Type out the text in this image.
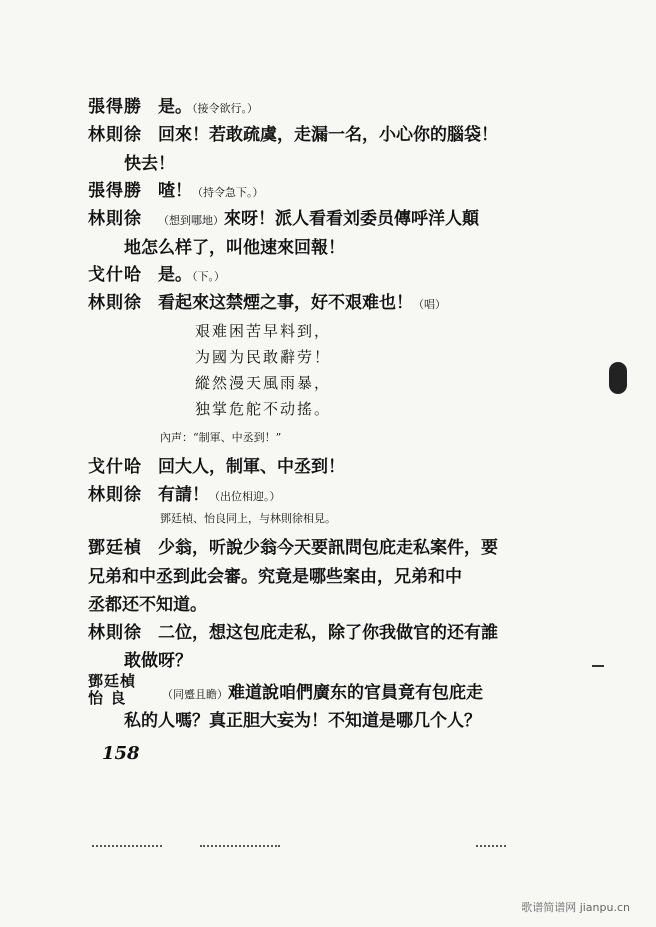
張得勝 是。（接令欲行。）
林則徐 回來！若敢疏虞，走漏一名，小心你的腦袋！
快去！
張得勝 喳！（持令急下。）
林則徐 （想到哪地）來呀！派人看看刘委员傳呼洋人顛
地怎么样了，叫他速來回報！
戈什哈 是。（下。）
林則徐 看起來这禁煙之事，好不艰难也！（唱）
艰难困苦早料到，
为國为民敢辭劳！
縱然漫天風雨暴，
独掌危舵不动搖。
內声：“制軍、中丞到！”
戈什哈 回大人，制軍、中丞到！
林則徐 有請！（出位相迎。）
鄧廷楨、怡良同上，与林則徐相見。
鄧廷楨 少翁，听說少翁今天要訊問包庇走私案件，要
兄弟和中丞到此会審。究竟是哪些案由，兄弟和中
丞都还不知道。
林則徐 二位，想这包庇走私，除了你我做官的还有誰
敢做呀？
鄧廷楨
怡 良	（同蹙且瞻）难道說咱們廣东的官員竟有包庇走
私的人嗎？真正胆大妄为！不知道是哪几个人？
158
歌谱简谱网 jianpu.cn
